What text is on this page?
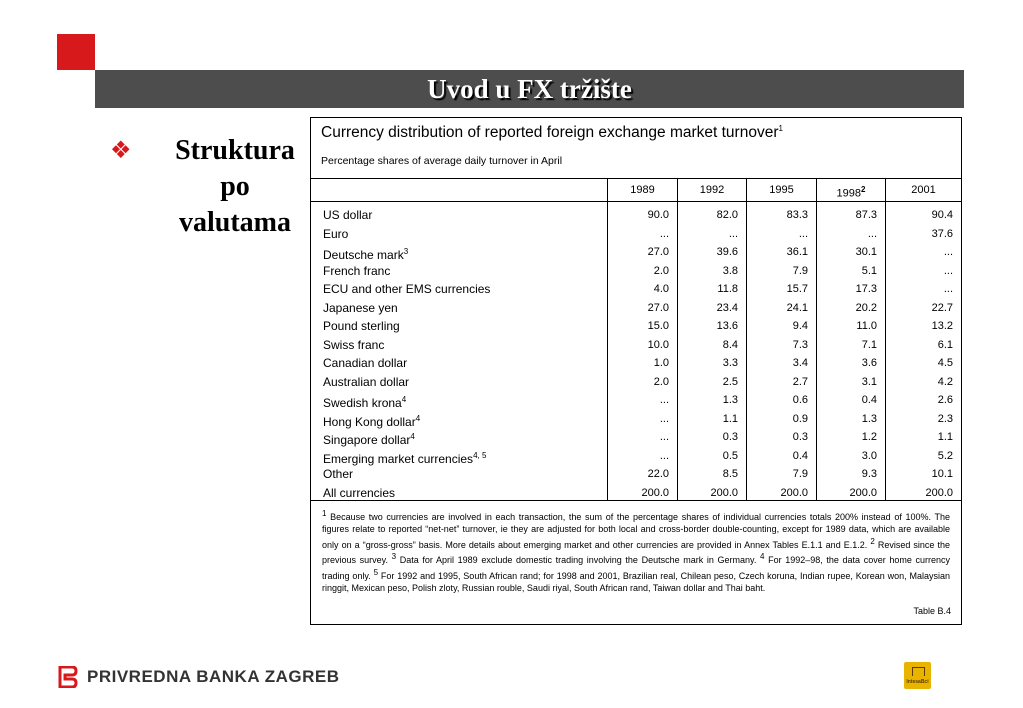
Uvod u FX tržište
❖	Struktura
po
valutama
Currency distribution of reported foreign exchange market turnover$^1$
Percentage shares of average daily turnover in April
1989	1992	1995	1998$^2$	2001
US dollar	90.0	82.0	83.3	87.3	90.4
Euro	...	...	...	...	37.6
Deutsche mark$^3$	27.0	39.6	36.1	30.1	...
French franc	2.0	3.8	7.9	5.1	...
ECU and other EMS currencies	4.0	11.8	15.7	17.3	...
Japanese yen	27.0	23.4	24.1	20.2	22.7
Pound sterling	15.0	13.6	9.4	11.0	13.2
Swiss franc	10.0	8.4	7.3	7.1	6.1
Canadian dollar	1.0	3.3	3.4	3.6	4.5
Australian dollar	2.0	2.5	2.7	3.1	4.2
Swedish krona$^4$	...	1.3	0.6	0.4	2.6
Hong Kong dollar$^4$	...	1.1	0.9	1.3	2.3
Singapore dollar$^4$	...	0.3	0.3	1.2	1.1
Emerging market currencies$^{4, 5}$	...	0.5	0.4	3.0	5.2
Other	22.0	8.5	7.9	9.3	10.1
All currencies	200.0	200.0	200.0	200.0	200.0
$^1$ Because two currencies are involved in each transaction, the sum of the percentage shares of individual currencies totals 200% instead of 100%. The figures relate to reported “net-net” turnover, ie they are adjusted for both local and cross-border double-counting, except for 1989 data, which are available only on a “gross-gross” basis. More details about emerging market and other currencies are provided in Annex Tables E.1.1 and E.1.2. $^2$ Revised since the previous survey. $^3$ Data for April 1989 exclude domestic trading involving the Deutsche mark in Germany. $^4$ For 1992–98, the data cover home currency trading only. $^5$ For 1992 and 1995, South African rand; for 1998 and 2001, Brazilian real, Chilean peso, Czech koruna, Indian rupee, Korean won, Malaysian ringgit, Mexican peso, Polish zloty, Russian rouble, Saudi riyal, South African rand, Taiwan dollar and Thai baht.
Table B.4
PRIVREDNA BANKA ZAGREB	IntesaBci
